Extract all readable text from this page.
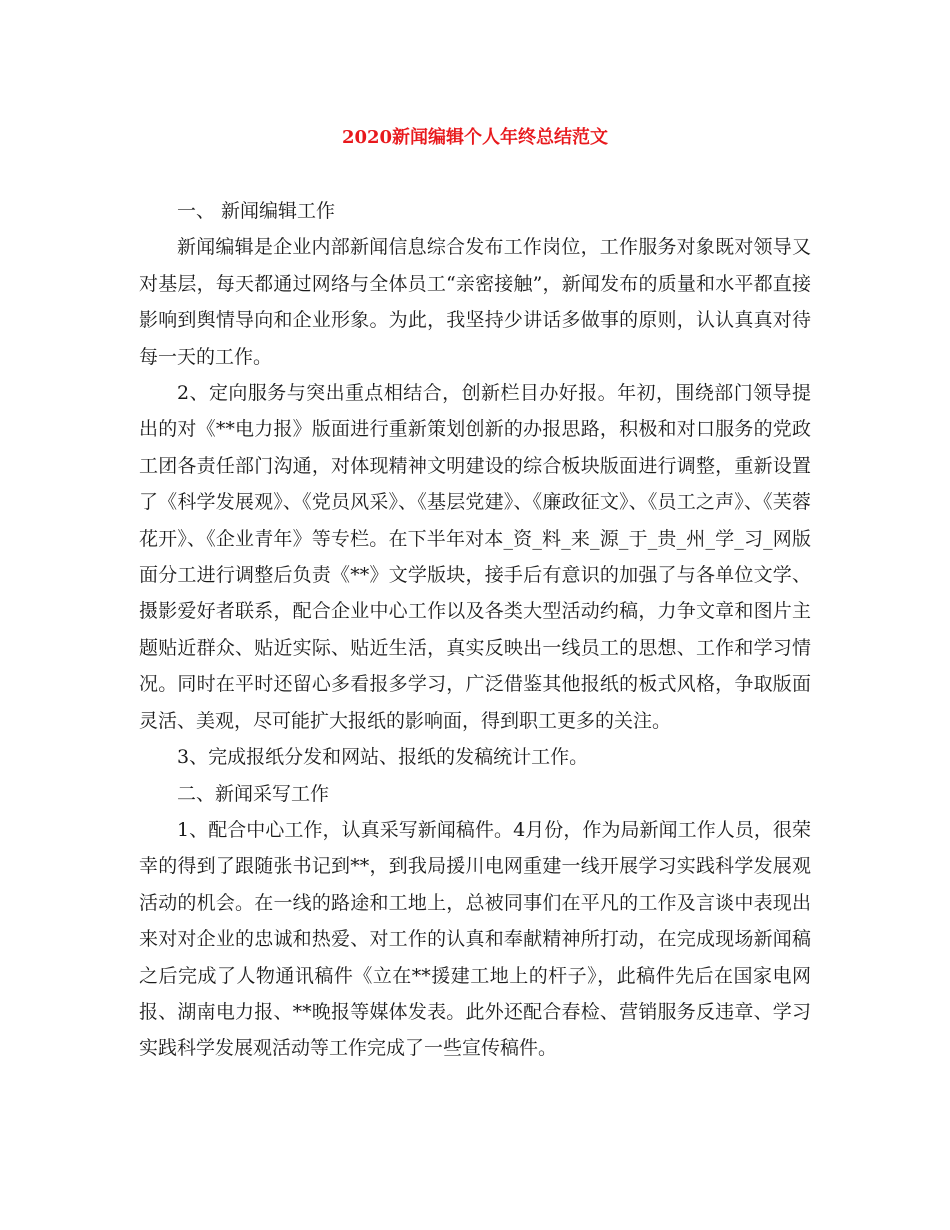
2020新闻编辑个人年终总结范文

一、 新闻编辑工作

新闻编辑是企业内部新闻信息综合发布工作岗位，工作服务对象既对领导又对基层，每天都通过网络与全体员工“亲密接触”，新闻发布的质量和水平都直接影响到舆情导向和企业形象。为此，我坚持少讲话多做事的原则，认认真真对待每一天的工作。

2、定向服务与突出重点相结合，创新栏目办好报。年初，围绕部门领导提出的对《**电力报》版面进行重新策划创新的办报思路，积极和对口服务的党政工团各责任部门沟通，对体现精神文明建设的综合板块版面进行调整，重新设置了《科学发展观》、《党员风采》、《基层党建》、《廉政征文》、《员工之声》、《芙蓉花开》、《企业青年》等专栏。在下半年对本_资_料_来_源_于_贵_州_学_习_网版面分工进行调整后负责《**》文学版块，接手后有意识的加强了与各单位文学、摄影爱好者联系，配合企业中心工作以及各类大型活动约稿，力争文章和图片主题贴近群众、贴近实际、贴近生活，真实反映出一线员工的思想、工作和学习情况。同时在平时还留心多看报多学习，广泛借鉴其他报纸的板式风格，争取版面灵活、美观，尽可能扩大报纸的影响面，得到职工更多的关注。

3、完成报纸分发和网站、报纸的发稿统计工作。

二、新闻采写工作

1、配合中心工作，认真采写新闻稿件。4月份，作为局新闻工作人员，很荣幸的得到了跟随张书记到**，到我局援川电网重建一线开展学习实践科学发展观活动的机会。在一线的路途和工地上，总被同事们在平凡的工作及言谈中表现出来对对企业的忠诚和热爱、对工作的认真和奉献精神所打动，在完成现场新闻稿之后完成了人物通讯稿件《立在**援建工地上的杆子》，此稿件先后在国家电网报、湖南电力报、**晚报等媒体发表。此外还配合春检、营销服务反违章、学习实践科学发展观活动等工作完成了一些宣传稿件。
